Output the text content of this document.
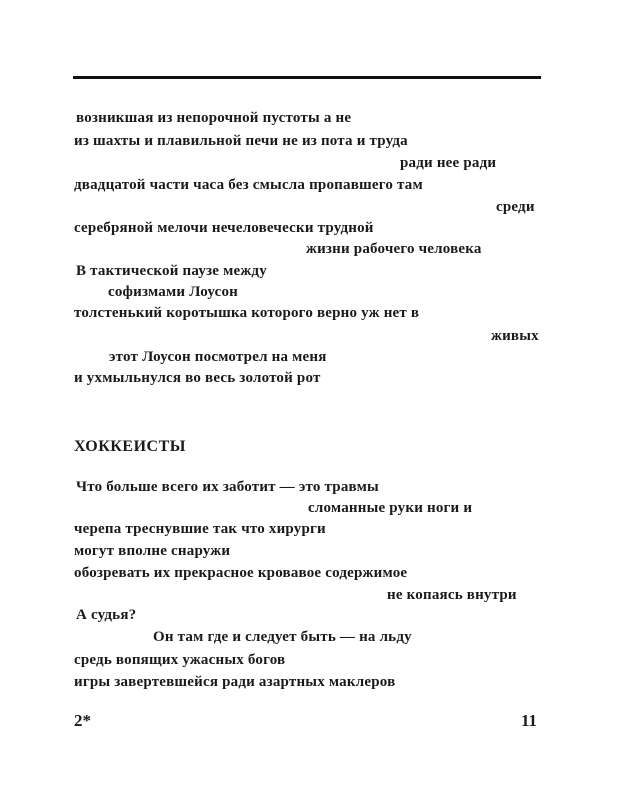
возникшая из непорочной пустоты а не
из шахты и плавильной печи не из пота и труда
ради нее ради
двадцатой части часа без смысла пропавшего там
среди
серебряной мелочи нечеловечески трудной
жизни рабочего человека
В тактической паузе между
софизмами Лоусон
толстенький коротышка которого верно уж нет в
живых
этот Лоусон посмотрел на меня
и ухмыльнулся во весь золотой рот
ХОККЕИСТЫ
Что больше всего их заботит — это травмы
сломанные руки ноги и
черепа треснувшие так что хирурги
могут вполне снаружи
обозревать их прекрасное кровавое содержимое
не копаясь внутри
А судья?
Он там где и следует быть — на льду
средь вопящих ужасных богов
игры завертевшейся ради азартных маклеров
2*	11
